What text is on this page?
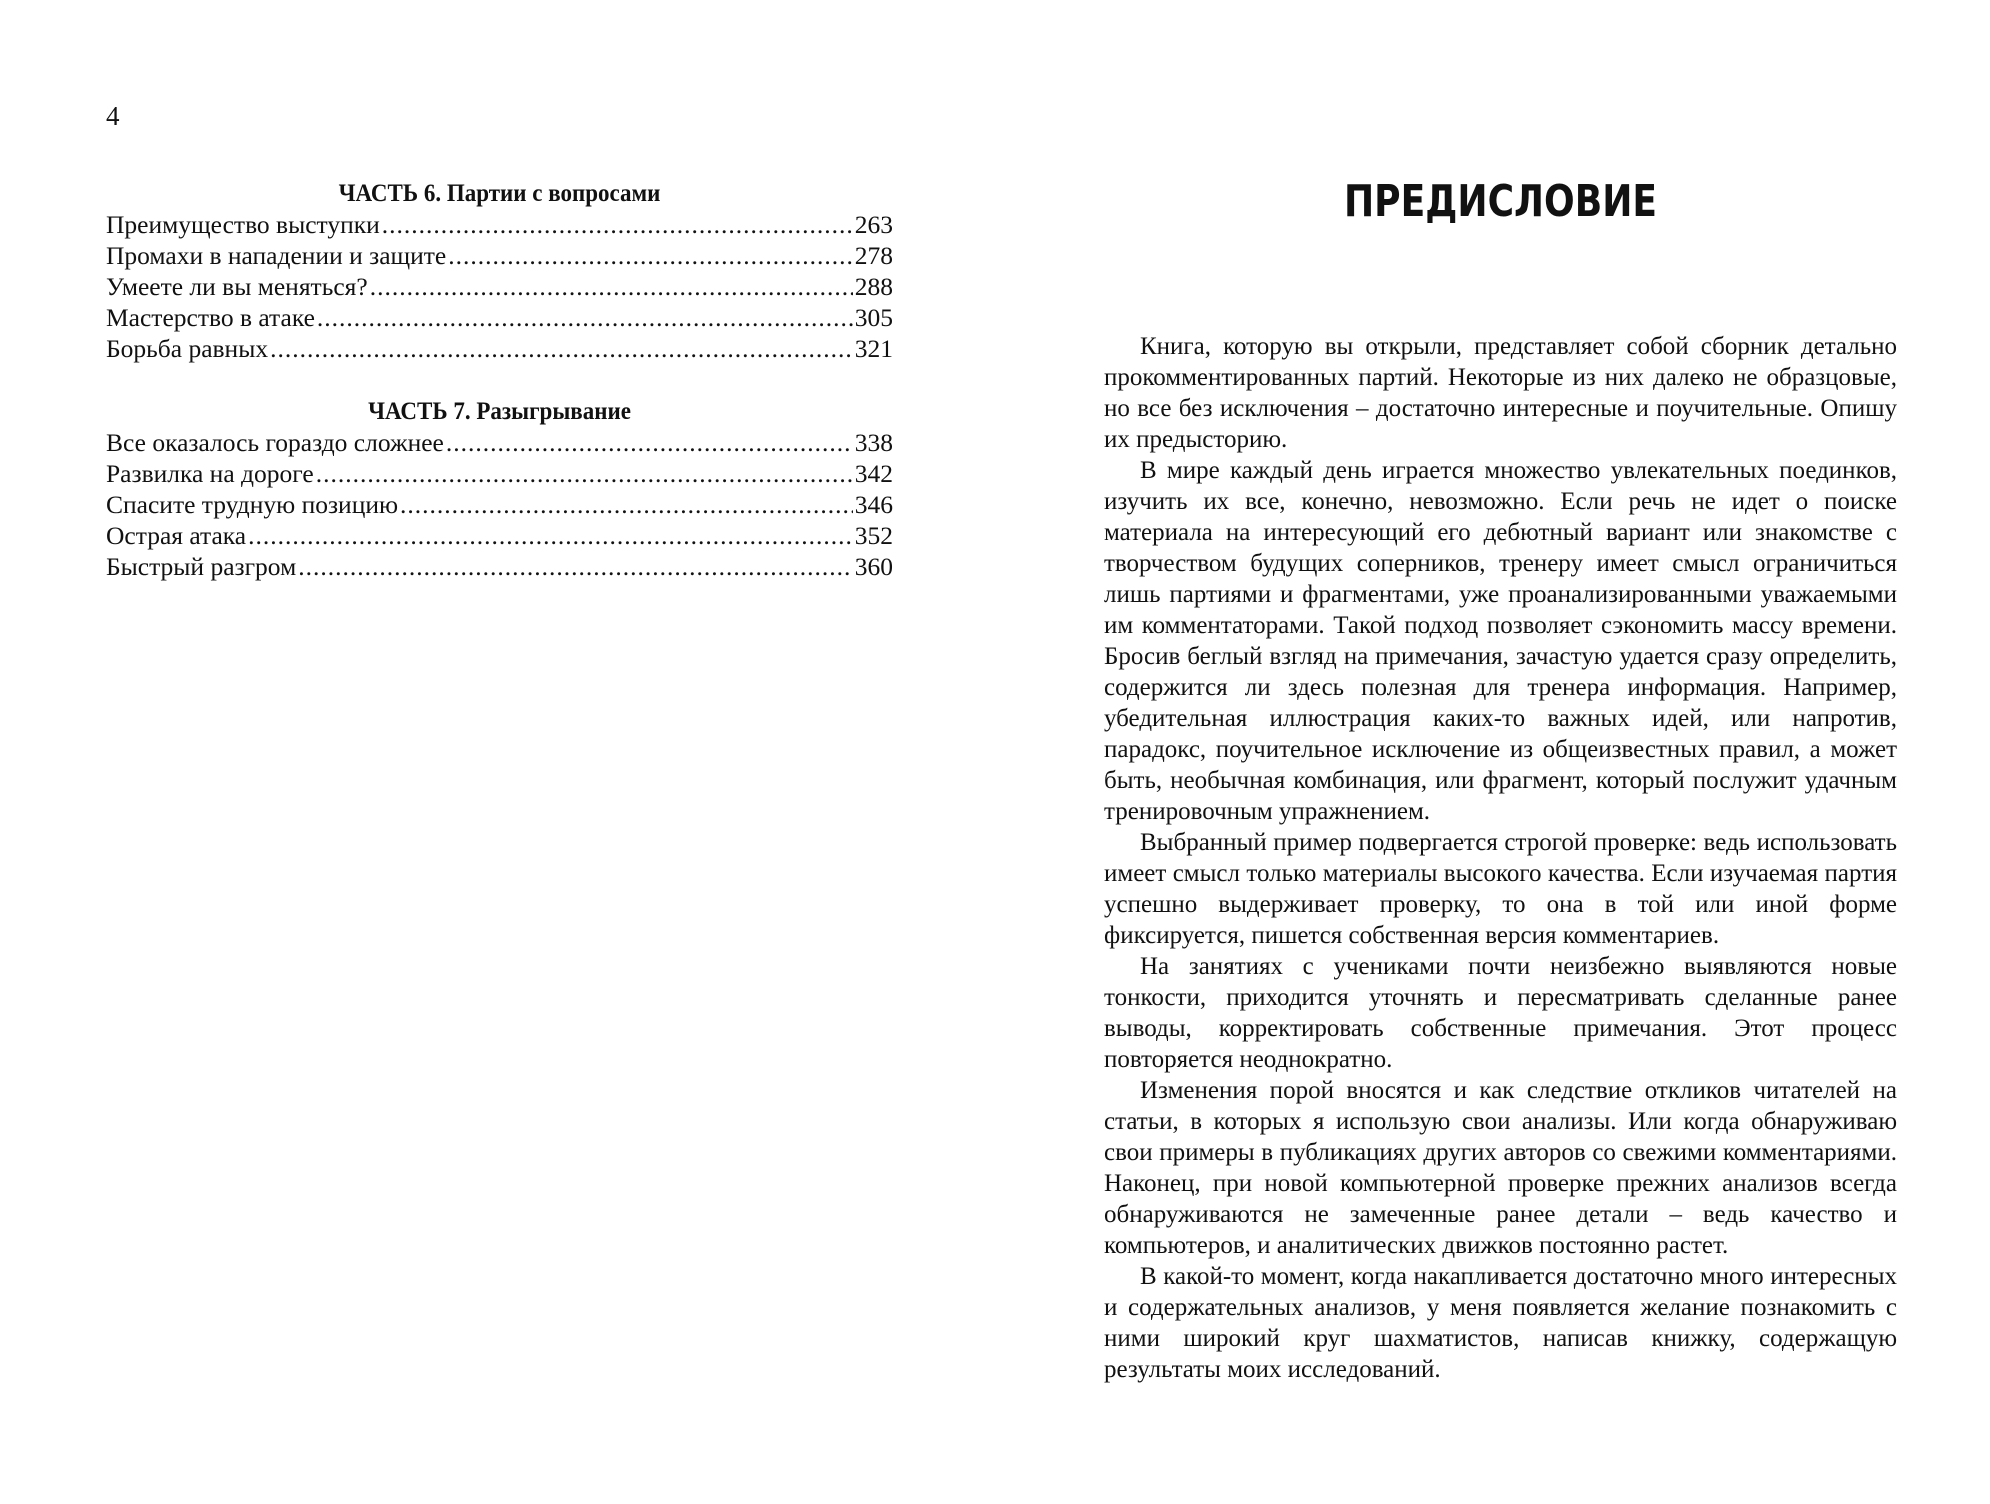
4
ЧАСТЬ 6. Партии с вопросами
Преимущество выступки .....	263
Промахи в нападении и защите .....	278
Умеете ли вы меняться? .....	288
Мастерство в атаке .....	305
Борьба равных .....	321
ЧАСТЬ 7. Разыгрывание
Все оказалось гораздо сложнее .....	338
Развилка на дороге .....	342
Спасите трудную позицию .....	346
Острая атака .....	352
Быстрый разгром .....	360
ПРЕДИСЛОВИЕ

Книга, которую вы открыли, представляет собой сборник детально прокомментированных партий. Некоторые из них далеко не образцовые, но все без исключения – достаточно интересные и поучительные. Опишу их предысторию.

В мире каждый день играется множество увлекательных поединков, изучить их все, конечно, невозможно. Если речь не идет о поиске материала на интересующий его дебютный вариант или знакомстве с творчеством будущих соперников, тренеру имеет смысл ограничиться лишь партиями и фрагментами, уже проанализированными уважаемыми им комментаторами. Такой подход позволяет сэкономить массу времени. Бросив беглый взгляд на примечания, зачастую удается сразу определить, содержится ли здесь полезная для тренера информация. Например, убедительная иллюстрация каких-то важных идей, или напротив, парадокс, поучительное исключение из общеизвестных правил, а может быть, необычная комбинация, или фрагмент, который послужит удачным тренировочным упражнением.

Выбранный пример подвергается строгой проверке: ведь использовать имеет смысл только материалы высокого качества. Если изучаемая партия успешно выдерживает проверку, то она в той или иной форме фиксируется, пишется собственная версия комментариев.

На занятиях с учениками почти неизбежно выявляются новые тонкости, приходится уточнять и пересматривать сделанные ранее выводы, корректировать собственные примечания. Этот процесс повторяется неоднократно.

Изменения порой вносятся и как следствие откликов читателей на статьи, в которых я использую свои анализы. Или когда обнаруживаю свои примеры в публикациях других авторов со свежими комментариями. Наконец, при новой компьютерной проверке прежних анализов всегда обнаруживаются не замеченные ранее детали – ведь качество и компьютеров, и аналитических движков постоянно растет.

В какой-то момент, когда накапливается достаточно много интересных и содержательных анализов, у меня появляется желание познакомить с ними широкий круг шахматистов, написав книжку, содержащую результаты моих исследований.
